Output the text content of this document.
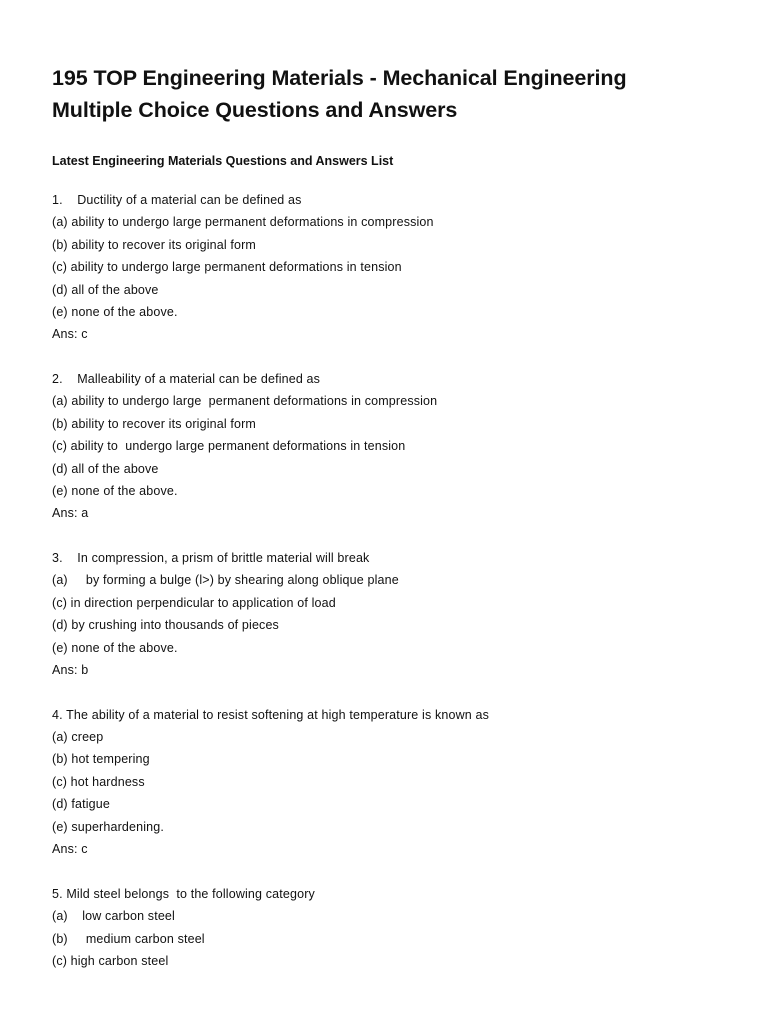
195 TOP Engineering Materials - Mechanical Engineering
Multiple Choice Questions and Answers
Latest Engineering Materials Questions and Answers List
1.    Ductility of a material can be defined as
(a) ability to undergo large permanent deformations in compression
(b) ability to recover its original form
(c) ability to undergo large permanent deformations in tension
(d) all of the above
(e) none of the above.
Ans: c
2.    Malleability of a material can be defined as
(a) ability to undergo large  permanent deformations in compression
(b) ability to recover its original form
(c) ability to  undergo large permanent deformations in tension
(d) all of the above
(e) none of the above.
Ans: a
3.    In compression, a prism of brittle material will break
(a)     by forming a bulge (l>) by shearing along oblique plane
(c) in direction perpendicular to application of load
(d) by crushing into thousands of pieces
(e) none of the above.
Ans: b
4. The ability of a material to resist softening at high temperature is known as
(a) creep
(b) hot tempering
(c) hot hardness
(d) fatigue
(e) superhardening.
Ans: c
5. Mild steel belongs  to the following category
(a)    low carbon steel
(b)     medium carbon steel
(c) high carbon steel
